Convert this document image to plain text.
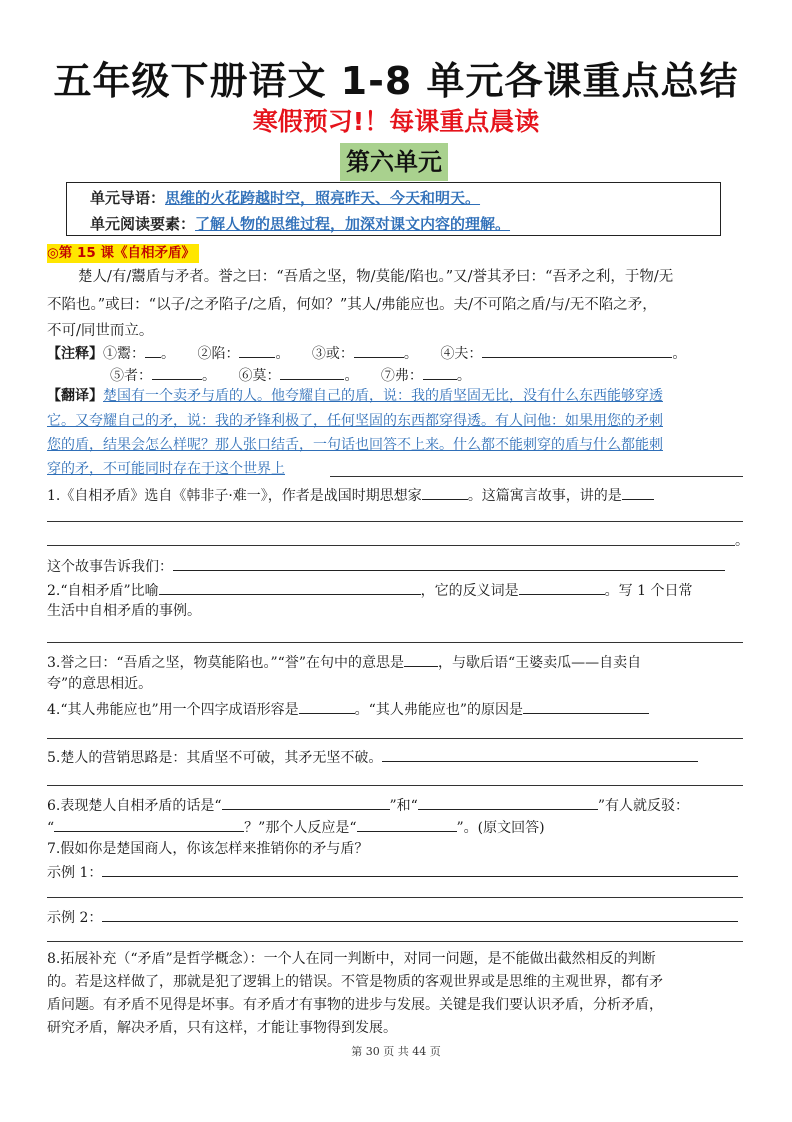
五年级下册语文 1-8 单元各课重点总结
寒假预习!！每课重点晨读
第六单元
单元导语：思维的火花跨越时空，照亮昨天、今天和明天。
单元阅读要素：了解人物的思维过程，加深对课文内容的理解。
◎第 15 课《自相矛盾》
楚人/有/鬻盾与矛者。誉之曰：“吾盾之坚，物/莫能/陷也。”又/誉其矛曰：“吾矛之利，于物/无
不陷也。”或曰：“以子/之矛陷子/之盾，何如？”其人/弗能应也。夫/不可陷之盾/与/无不陷之矛，
不可/同世而立。
【注释】①鬻： 。 ②陷：	。 ③或：	。 ④夫：	。
⑤者：	。 ⑥莫：	。 ⑦弗： 。
【翻译】楚国有一个卖矛与盾的人。他夸耀自己的盾，说：我的盾坚固无比，没有什么东西能够穿透
它。又夸耀自己的矛，说：我的矛锋利极了，任何坚固的东西都穿得透。有人问他：如果用您的矛刺
您的盾，结果会怎么样呢？那人张口结舌，一句话也回答不上来。什么都不能刺穿的盾与什么都能刺
穿的矛，不可能同时存在于这个世界上
1.《自相矛盾》选自《韩非子·难一》，作者是战国时期思想家	。这篇寓言故事，讲的是
。
这个故事告诉我们：
2.“自相矛盾”比喻	，它的反义词是	。写 1 个日常
生活中自相矛盾的事例。
3.誉之曰：“吾盾之坚，物莫能陷也。”“誉”在句中的意思是 ，与歇后语“王婆卖瓜——自卖自
夸”的意思相近。
4.“其人弗能应也”用一个四字成语形容是	。“其人弗能应也”的原因是
5.楚人的营销思路是：其盾坚不可破，其矛无坚不破。
6.表现楚人自相矛盾的话是“	”和“	”有人就反驳：
“	？”那个人反应是“	”。(原文回答)
7.假如你是楚国商人，你该怎样来推销你的矛与盾？
示例 1：
示例 2：
8.拓展补充（“矛盾”是哲学概念）：一个人在同一判断中，对同一问题，是不能做出截然相反的判断
的。若是这样做了，那就是犯了逻辑上的错误。不管是物质的客观世界或是思维的主观世界，都有矛
盾问题。有矛盾不见得是坏事。有矛盾才有事物的进步与发展。关键是我们要认识矛盾，分析矛盾，
研究矛盾，解决矛盾，只有这样，才能让事物得到发展。
第 30 页 共 44 页
